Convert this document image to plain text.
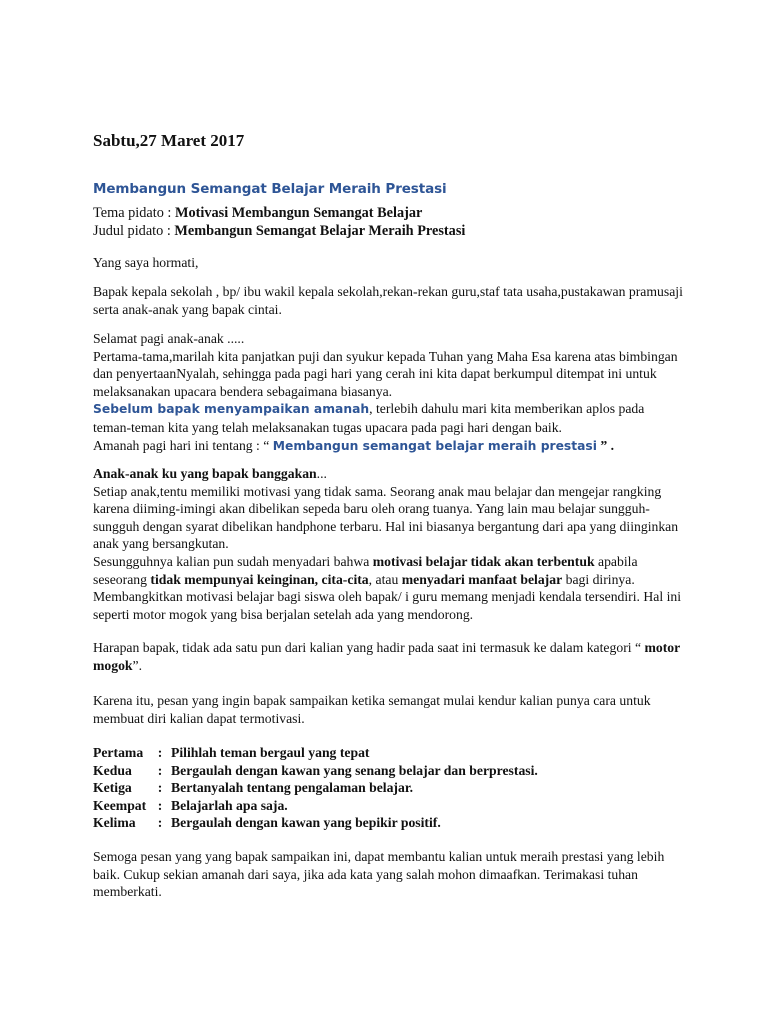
Sabtu,27 Maret 2017
Membangun Semangat Belajar Meraih Prestasi
Tema pidato : Motivasi Membangun Semangat Belajar
Judul pidato : Membangun Semangat Belajar Meraih Prestasi

Yang saya hormati,

Bapak kepala sekolah , bp/ ibu wakil kepala sekolah,rekan-rekan guru,staf tata usaha,pustakawan pramusaji serta anak-anak yang bapak cintai.

Selamat pagi anak-anak .....

Pertama-tama,marilah kita panjatkan puji dan syukur kepada Tuhan yang Maha Esa karena atas bimbingan dan penyertaanNyalah, sehingga pada pagi hari yang cerah ini kita dapat berkumpul ditempat ini untuk melaksanakan upacara bendera sebagaimana biasanya.

Sebelum bapak menyampaikan amanah, terlebih dahulu mari kita memberikan aplos pada teman-teman kita yang telah melaksanakan tugas upacara pada pagi hari dengan baik.

Amanah pagi hari ini tentang : “ Membangun semangat belajar meraih prestasi ” .

Anak-anak ku yang bapak banggakan...

Setiap anak,tentu memiliki motivasi yang tidak sama. Seorang anak mau belajar dan mengejar rangking karena diiming-imingi akan dibelikan sepeda baru oleh orang tuanya. Yang lain mau belajar sungguh-sungguh dengan syarat dibelikan handphone terbaru. Hal ini biasanya bergantung dari apa yang diinginkan anak yang bersangkutan.

Sesungguhnya kalian pun sudah menyadari bahwa motivasi belajar tidak akan terbentuk apabila seseorang tidak mempunyai keinginan, cita-cita, atau menyadari manfaat belajar bagi dirinya.

Membangkitkan motivasi belajar bagi siswa oleh bapak/ i guru memang menjadi kendala tersendiri. Hal ini seperti motor mogok yang bisa berjalan setelah ada yang mendorong.

Harapan bapak, tidak ada satu pun dari kalian yang hadir pada saat ini termasuk ke dalam kategori “ motor mogok”.

Karena itu, pesan yang ingin bapak sampaikan ketika semangat mulai kendur kalian punya cara untuk membuat diri kalian dapat termotivasi.

Pertama	: Pilihlah teman bergaul yang tepat
Kedua	: Bergaulah dengan kawan yang senang belajar dan berprestasi.
Ketiga	: Bertanyalah tentang pengalaman belajar.
Keempat : Belajarlah apa saja.
Kelima	: Bergaulah dengan kawan yang bepikir positif.

Semoga pesan yang yang bapak sampaikan ini, dapat membantu kalian untuk meraih prestasi yang lebih baik. Cukup sekian amanah dari saya, jika ada kata yang salah mohon dimaafkan. Terimakasi tuhan memberkati.
